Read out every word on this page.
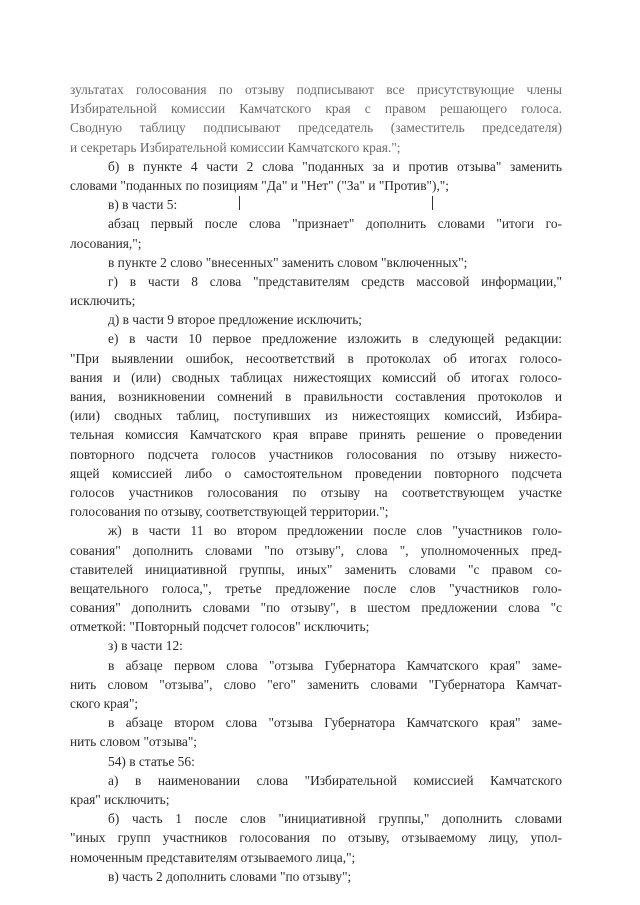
зультатах голосования по отзыву подписывают все присутствующие члены
Избирательной комиссии Камчатского края с правом решающего голоса.
Сводную таблицу подписывают председатель (заместитель председателя)
и секретарь Избирательной комиссии Камчатского края.";
б) в пункте 4 части 2 слова "поданных за и против отзыва" заменить
словами "поданных по позициям "Да" и "Нет" ("За" и "Против"),";
в) в части 5:
абзац первый после слова "признает" дополнить словами "итоги го-
лосования,";
в пункте 2 слово "внесенных" заменить словом "включенных";
г) в части 8 слова "представителям средств массовой информации,"
исключить;
д) в части 9 второе предложение исключить;
е) в части 10 первое предложение изложить в следующей редакции:
"При выявлении ошибок, несоответствий в протоколах об итогах голосо-
вания и (или) сводных таблицах нижестоящих комиссий об итогах голосо-
вания, возникновении сомнений в правильности составления протоколов и
(или) сводных таблиц, поступивших из нижестоящих комиссий, Избира-
тельная комиссия Камчатского края вправе принять решение о проведении
повторного подсчета голосов участников голосования по отзыву нижесто-
ящей комиссией либо о самостоятельном проведении повторного подсчета
голосов участников голосования по отзыву на соответствующем участке
голосования по отзыву, соответствующей территории.";
ж) в части 11 во втором предложении после слов "участников голо-
сования" дополнить словами "по отзыву", слова ", уполномоченных пред-
ставителей инициативной группы, иных" заменить словами "с правом со-
вещательного голоса,", третье предложение после слов "участников голо-
сования" дополнить словами "по отзыву", в шестом предложении слова "с
отметкой: "Повторный подсчет голосов" исключить;
з) в части 12:
в абзаце первом слова "отзыва Губернатора Камчатского края" заме-
нить словом "отзыва", слово "его" заменить словами "Губернатора Камчат-
ского края";
в абзаце втором слова "отзыва Губернатора Камчатского края" заме-
нить словом "отзыва";
54) в статье 56:
а) в наименовании слова "Избирательной комиссией Камчатского
края" исключить;
б) часть 1 после слов "инициативной группы," дополнить словами
"иных групп участников голосования по отзыву, отзываемому лицу, упол-
номоченным представителям отзываемого лица,";
в) часть 2 дополнить словами "по отзыву";
